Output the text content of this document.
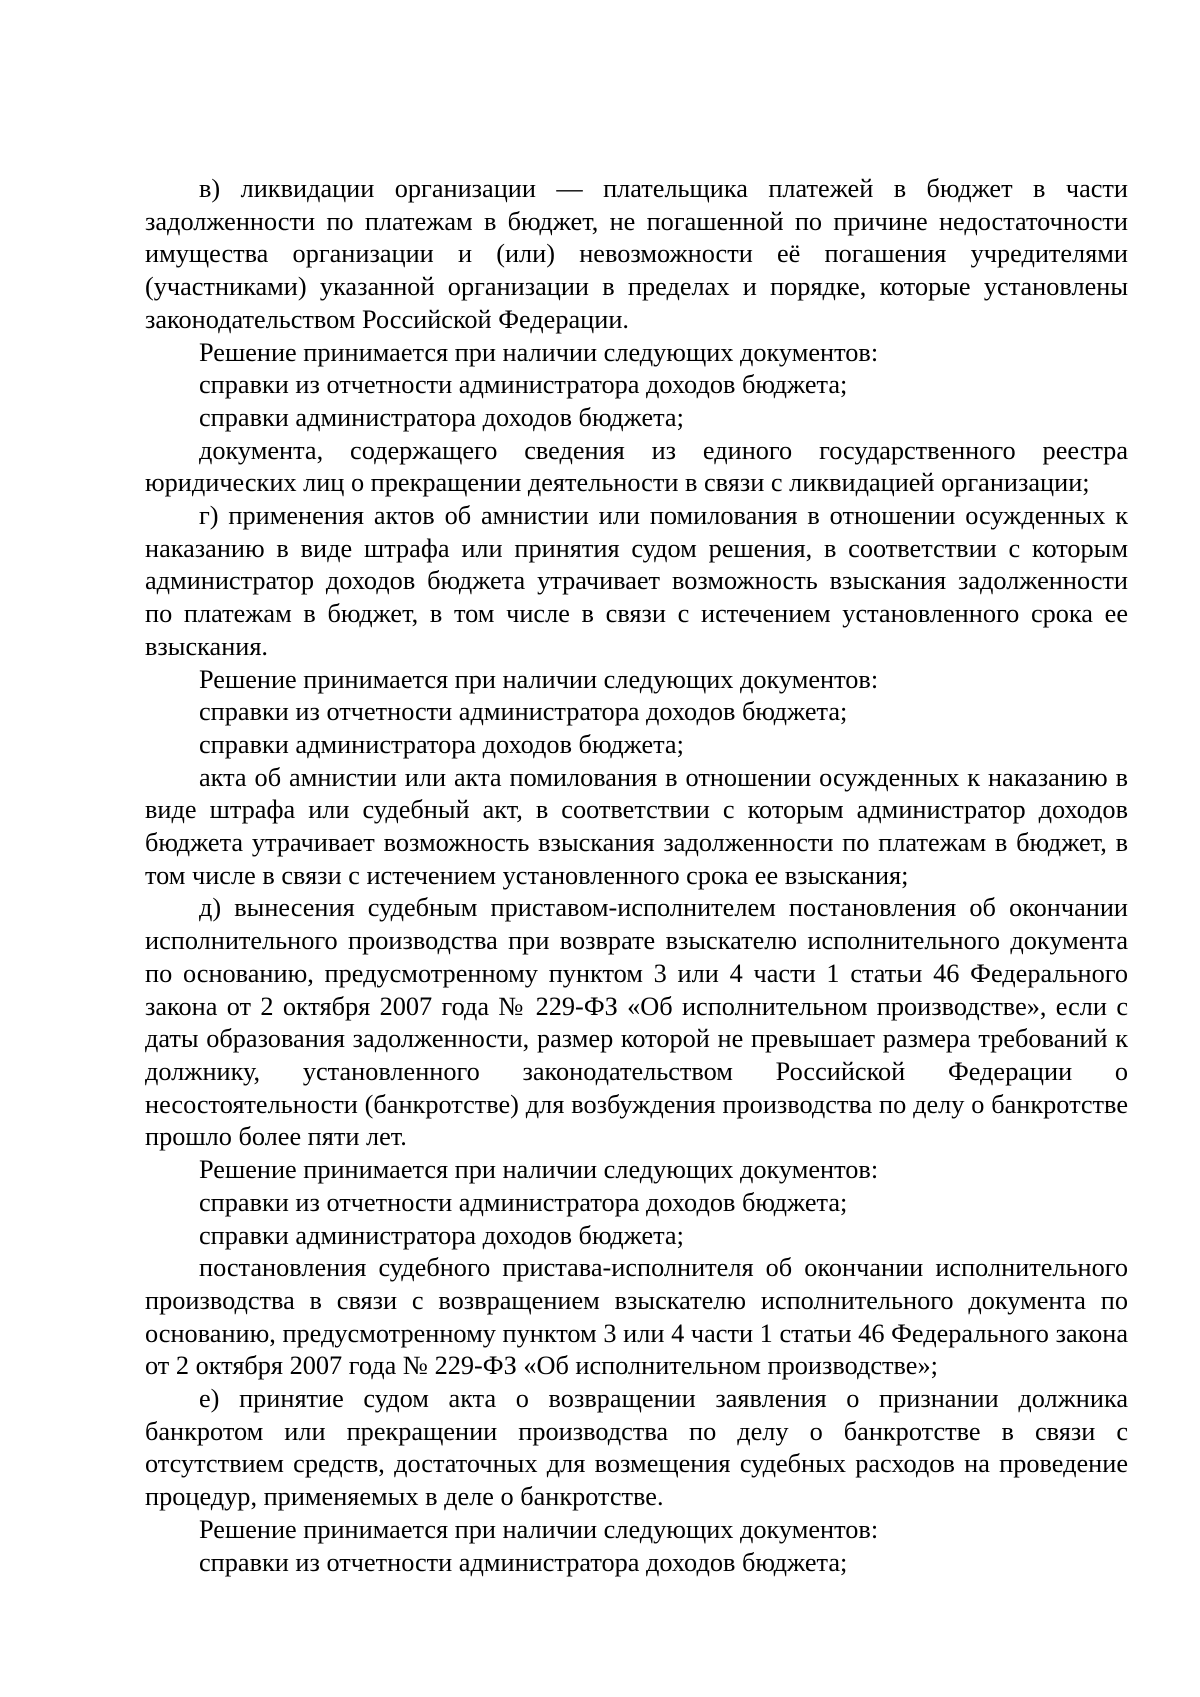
в) ликвидации организации — плательщика платежей в бюджет в части задолженности по платежам в бюджет, не погашенной по причине недостаточности имущества организации и (или) невозможности её погашения учредителями (участниками) указанной организации в пределах и порядке, которые установлены законодательством Российской Федерации.

Решение принимается при наличии следующих документов:

справки из отчетности администратора доходов бюджета;

справки администратора доходов бюджета;

документа, содержащего сведения из единого государственного реестра юридических лиц о прекращении деятельности в связи с ликвидацией организации;

г) применения актов об амнистии или помилования в отношении осужденных к наказанию в виде штрафа или принятия судом решения, в соответствии с которым администратор доходов бюджета утрачивает возможность взыскания задолженности по платежам в бюджет, в том числе в связи с истечением установленного срока ее взыскания.

Решение принимается при наличии следующих документов:

справки из отчетности администратора доходов бюджета;

справки администратора доходов бюджета;

акта об амнистии или акта помилования в отношении осужденных к наказанию в виде штрафа или судебный акт, в соответствии с которым администратор доходов бюджета утрачивает возможность взыскания задолженности по платежам в бюджет, в том числе в связи с истечением установленного срока ее взыскания;

д) вынесения судебным приставом-исполнителем постановления об окончании исполнительного производства при возврате взыскателю исполнительного документа по основанию, предусмотренному пунктом 3 или 4 части 1 статьи 46 Федерального закона от 2 октября 2007 года № 229-ФЗ «Об исполнительном производстве», если с даты образования задолженности, размер которой не превышает размера требований к должнику, установленного законодательством Российской Федерации о несостоятельности (банкротстве) для возбуждения производства по делу о банкротстве прошло более пяти лет.

Решение принимается при наличии следующих документов:

справки из отчетности администратора доходов бюджета;

справки администратора доходов бюджета;

постановления судебного пристава-исполнителя об окончании исполнительного производства в связи с возвращением взыскателю исполнительного документа по основанию, предусмотренному пунктом 3 или 4 части 1 статьи 46 Федерального закона от 2 октября 2007 года № 229-ФЗ «Об исполнительном производстве»;

е) принятие судом акта о возвращении заявления о признании должника банкротом или прекращении производства по делу о банкротстве в связи с отсутствием средств, достаточных для возмещения судебных расходов на проведение процедур, применяемых в деле о банкротстве.

Решение принимается при наличии следующих документов:

справки из отчетности администратора доходов бюджета;
